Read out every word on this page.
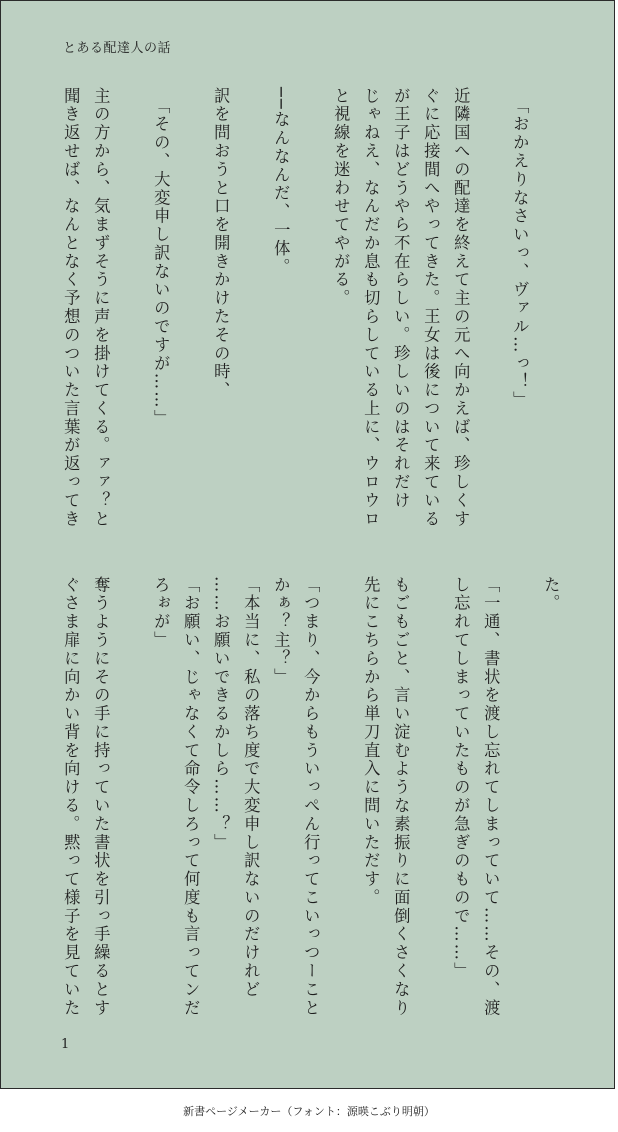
とある配達人の話
「おかえりなさいっ、ヴァル…っ！」
近隣国への配達を終えて主の元へ向かえば、珍しくす
ぐに応接間へやってきた。王女は後について来ている
が王子はどうやら不在らしい。珍しいのはそれだけ
じゃねえ、なんだか息も切らしている上に、ウロウロ
と視線を迷わせてやがる。
──なんなんだ、一体。
訳を問おうと口を開きかけたその時、
「その、大変申し訳ないのですが……」
主の方から、気まずそうに声を掛けてくる。ァァ？と
聞き返せば、なんとなく予想のついた言葉が返ってき
た。
「一通、書状を渡し忘れてしまっていて……その、渡
し忘れてしまっていたものが急ぎのもので……」
もごもごと、言い淀むような素振りに面倒くさくなり
先にこちらから単刀直入に問いただす。
「つまり、今からもういっぺん行ってこいっつーこと
かぁ？主？」
「本当に、私の落ち度で大変申し訳ないのだけれど
……お願いできるかしら……？」
「お願い、じゃなくて命令しろって何度も言ってンだ
ろぉが」
奪うようにその手に持っていた書状を引っ手繰るとす
ぐさま扉に向かい背を向ける。黙って様子を見ていた
1
新書ページメーカー（フォント：源暎こぶり明朝）
